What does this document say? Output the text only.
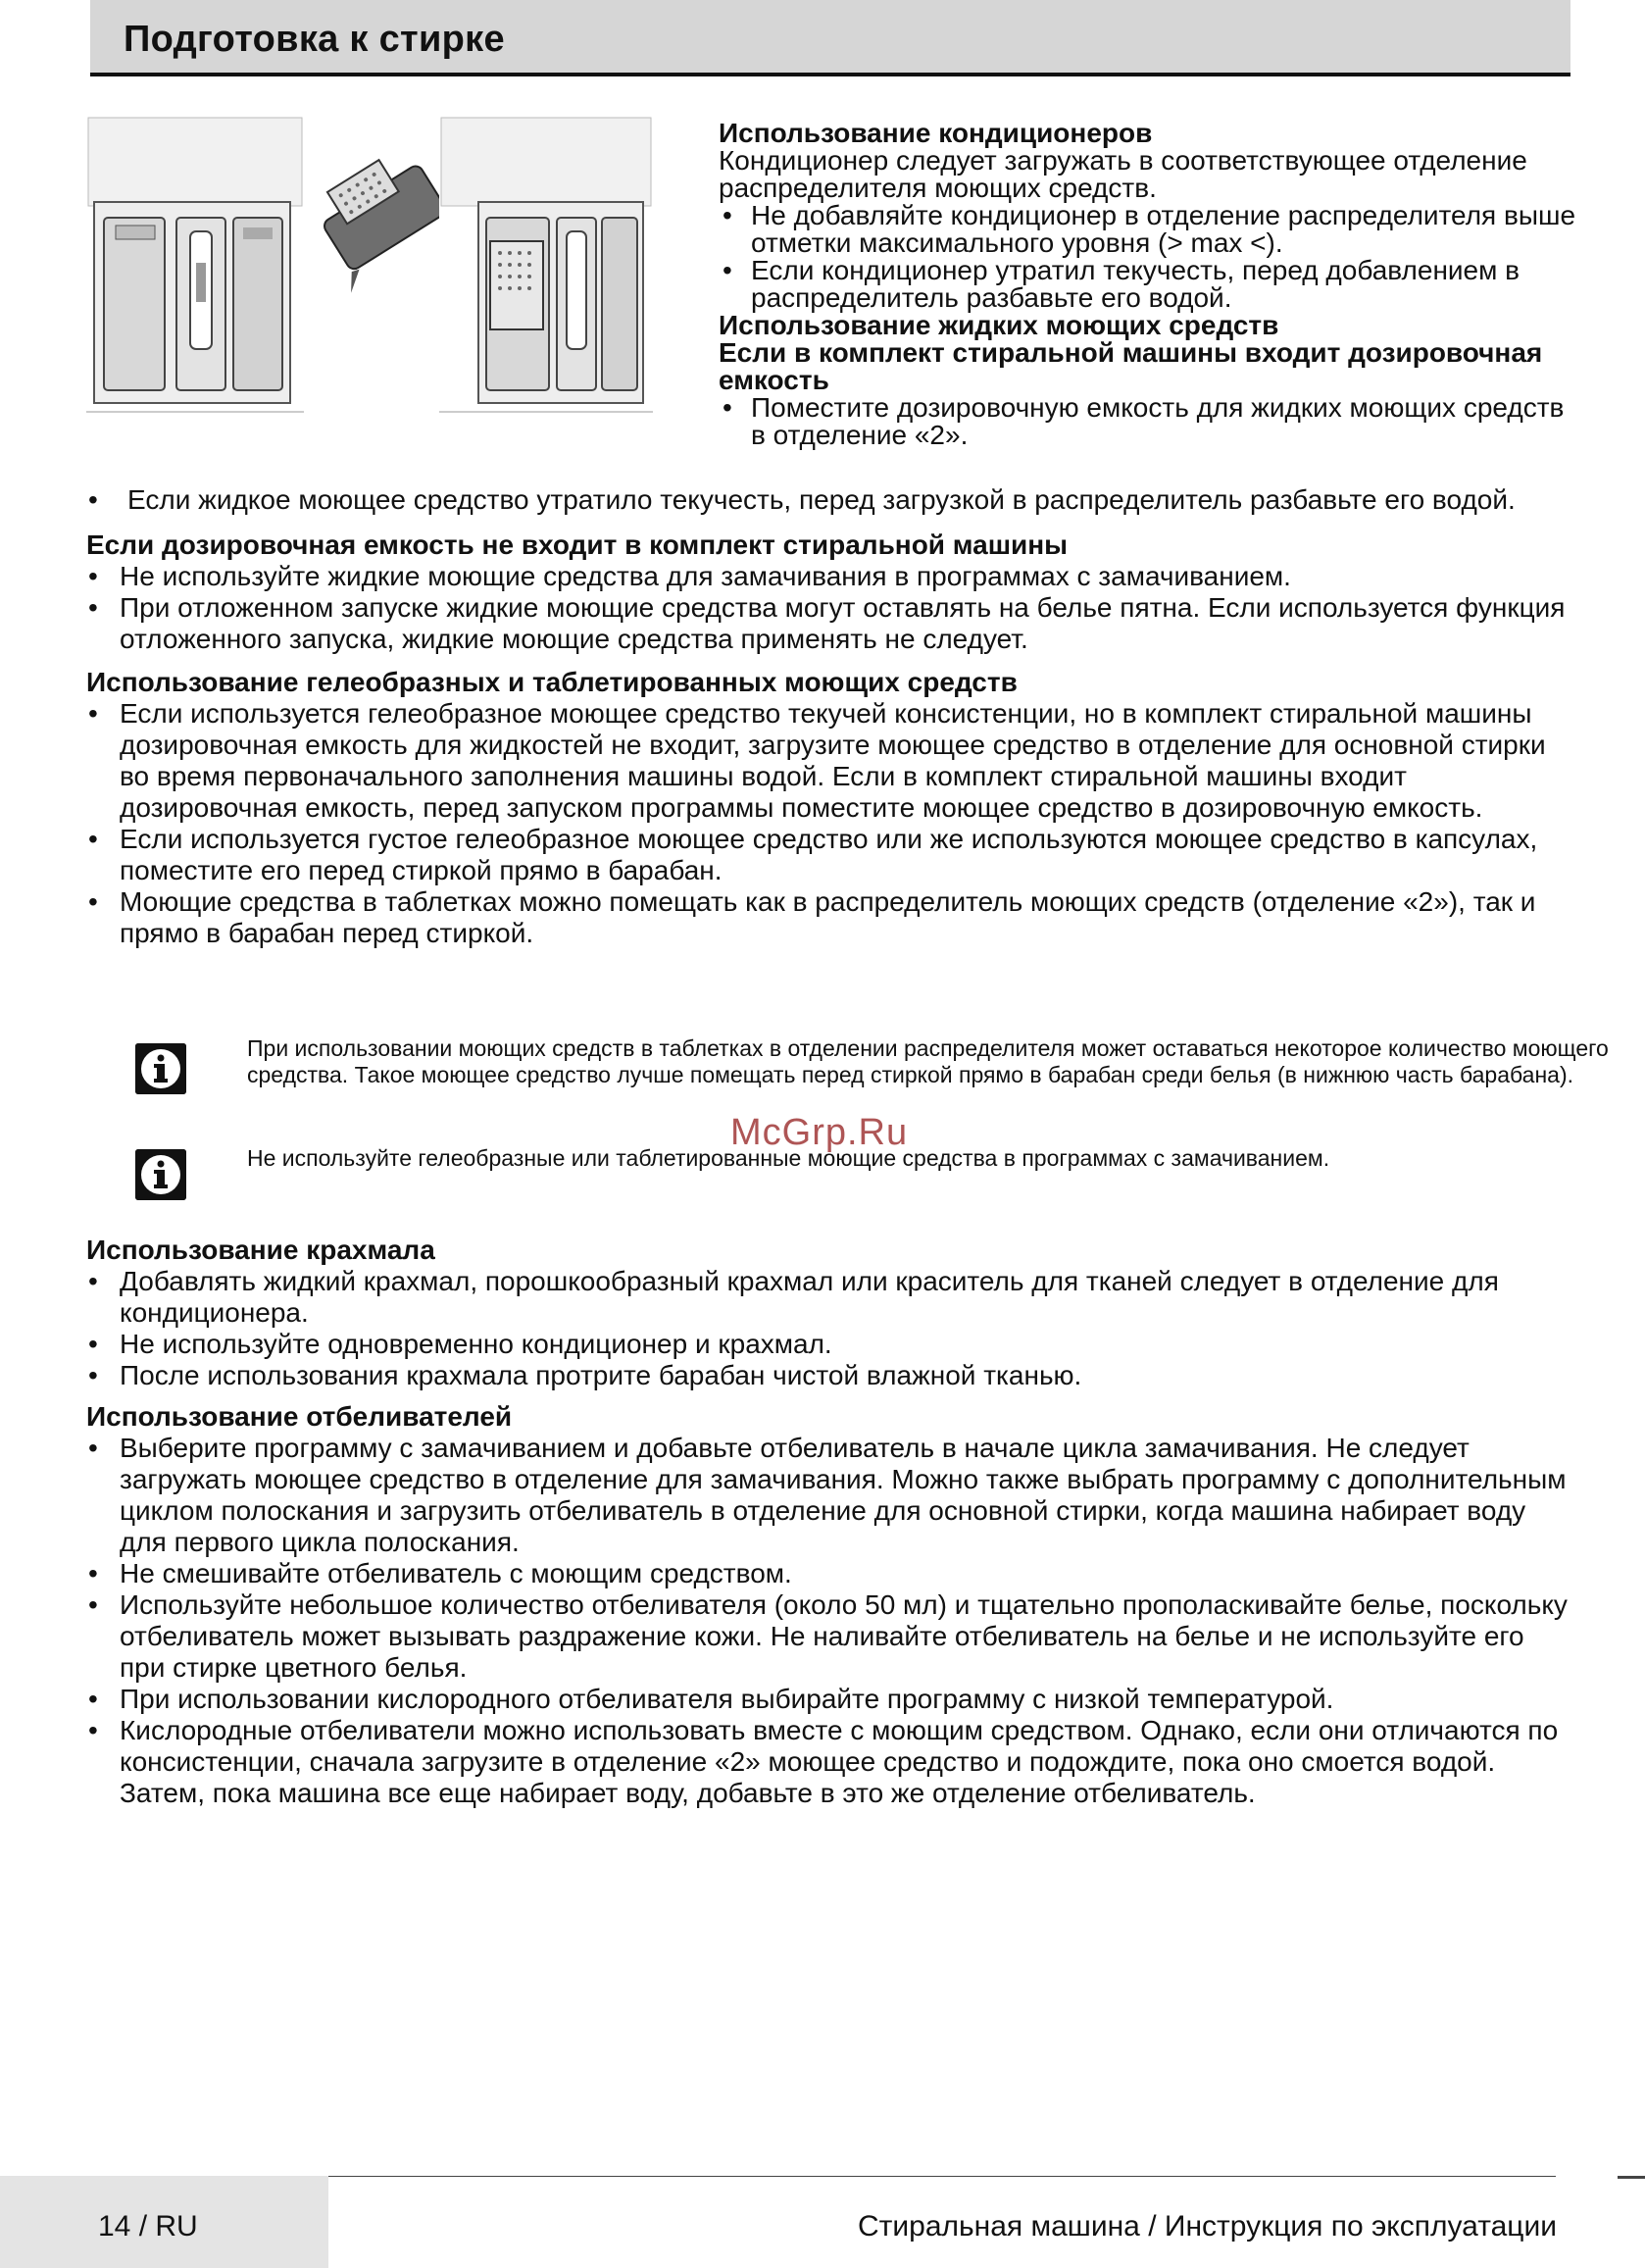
Подготовка к стирке

Использование кондиционеров

Кондиционер следует загружать в соответствующее отделение распределителя моющих средств.

• Не добавляйте кондиционер в отделение распределителя выше отметки максимального уровня (> max <).

• Если кондиционер утратил текучесть, перед добавлением в распределитель разбавьте его водой.

Использование жидких моющих средств

Если в комплект стиральной машины входит дозировочная емкость

• Поместите дозировочную емкость для жидких моющих средств в отделение «2».

• Если жидкое моющее средство утратило текучесть, перед загрузкой в распределитель разбавьте его водой.

Если дозировочная емкость не входит в комплект стиральной машины

• Не используйте жидкие моющие средства для замачивания в программах с замачиванием.

• При отложенном запуске жидкие моющие средства могут оставлять на белье пятна. Если используется функция отложенного запуска, жидкие моющие средства применять не следует.

Использование гелеобразных и таблетированных моющих средств

• Если используется гелеобразное моющее средство текучей консистенции, но в комплект стиральной машины дозировочная емкость для жидкостей не входит, загрузите моющее средство в отделение для основной стирки во время первоначального заполнения машины водой. Если в комплект стиральной машины входит дозировочная емкость, перед запуском программы поместите моющее средство в дозировочную емкость.

• Если используется густое гелеобразное моющее средство или же используются моющее средство в капсулах, поместите его перед стиркой прямо в барабан.

• Моющие средства в таблетках можно помещать как в распределитель моющих средств (отделение «2»), так и прямо в барабан перед стиркой.

При использовании моющих средств в таблетках в отделении распределителя может оставаться некоторое количество моющего средства. Такое моющее средство лучше помещать перед стиркой прямо в барабан среди белья (в нижнюю часть барабана).
Не используйте гелеобразные или таблетированные моющие средства в программах с замачиванием.
McGrp.Ru

Использование крахмала

• Добавлять жидкий крахмал, порошкообразный крахмал или краситель для тканей следует в отделение для кондиционера.

• Не используйте одновременно кондиционер и крахмал.

• После использования крахмала протрите барабан чистой влажной тканью.

Использование отбеливателей

• Выберите программу с замачиванием и добавьте отбеливатель в начале цикла замачивания. Не следует загружать моющее средство в отделение для замачивания. Можно также выбрать программу с дополнительным циклом полоскания и загрузить отбеливатель в отделение для основной стирки, когда машина набирает воду для первого цикла полоскания.

• Не смешивайте отбеливатель с моющим средством.

• Используйте небольшое количество отбеливателя (около 50 мл) и тщательно прополаскивайте белье, поскольку отбеливатель может вызывать раздражение кожи. Не наливайте отбеливатель на белье и не используйте его при стирке цветного белья.

• При использовании кислородного отбеливателя выбирайте программу с низкой температурой.

• Кислородные отбеливатели можно использовать вместе с моющим средством. Однако, если они отличаются по консистенции, сначала загрузите в отделение «2» моющее средство и подождите, пока оно смоется водой. Затем, пока машина все еще набирает воду, добавьте в это же отделение отбеливатель.

14 / RU	Стиральная машина / Инструкция по эксплуатации
